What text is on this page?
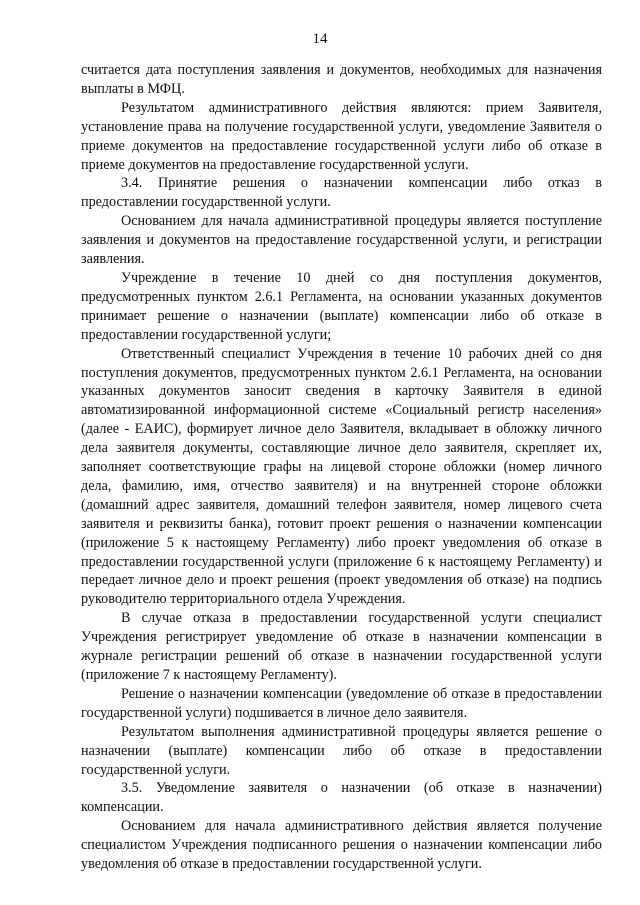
14

считается дата поступления заявления и документов, необходимых для назначения выплаты в МФЦ.

Результатом административного действия являются: прием Заявителя, установление права на получение государственной услуги, уведомление Заявителя о приеме документов на предоставление государственной услуги либо об отказе в приеме документов на предоставление государственной услуги.

3.4. Принятие решения о назначении компенсации либо отказ в предоставлении государственной услуги.

Основанием для начала административной процедуры является поступление заявления и документов на предоставление государственной услуги, и регистрации заявления.

Учреждение в течение 10 дней со дня поступления документов, предусмотренных пунктом 2.6.1 Регламента, на основании указанных документов принимает решение о назначении (выплате) компенсации либо об отказе в предоставлении государственной услуги;

Ответственный специалист Учреждения в течение 10 рабочих дней со дня поступления документов, предусмотренных пунктом 2.6.1 Регламента, на основании указанных документов заносит сведения в карточку Заявителя в единой автоматизированной информационной системе «Социальный регистр населения» (далее - ЕАИС), формирует личное дело Заявителя, вкладывает в обложку личного дела заявителя документы, составляющие личное дело заявителя, скрепляет их, заполняет соответствующие графы на лицевой стороне обложки (номер личного дела, фамилию, имя, отчество заявителя) и на внутренней стороне обложки (домашний адрес заявителя, домашний телефон заявителя, номер лицевого счета заявителя и реквизиты банка), готовит проект решения о назначении компенсации (приложение 5 к настоящему Регламенту) либо проект уведомления об отказе в предоставлении государственной услуги (приложение 6 к настоящему Регламенту) и передает личное дело и проект решения (проект уведомления об отказе) на подпись руководителю территориального отдела Учреждения.

В случае отказа в предоставлении государственной услуги специалист Учреждения регистрирует уведомление об отказе в назначении компенсации в журнале регистрации решений об отказе в назначении государственной услуги (приложение 7 к настоящему Регламенту).

Решение о назначении компенсации (уведомление об отказе в предоставлении государственной услуги) подшивается в личное дело заявителя.

Результатом выполнения административной процедуры является решение о назначении (выплате) компенсации либо об отказе в предоставлении государственной услуги.

3.5. Уведомление заявителя о назначении (об отказе в назначении) компенсации.

Основанием для начала административного действия является получение специалистом Учреждения подписанного решения о назначении компенсации либо уведомления об отказе в предоставлении государственной услуги.
